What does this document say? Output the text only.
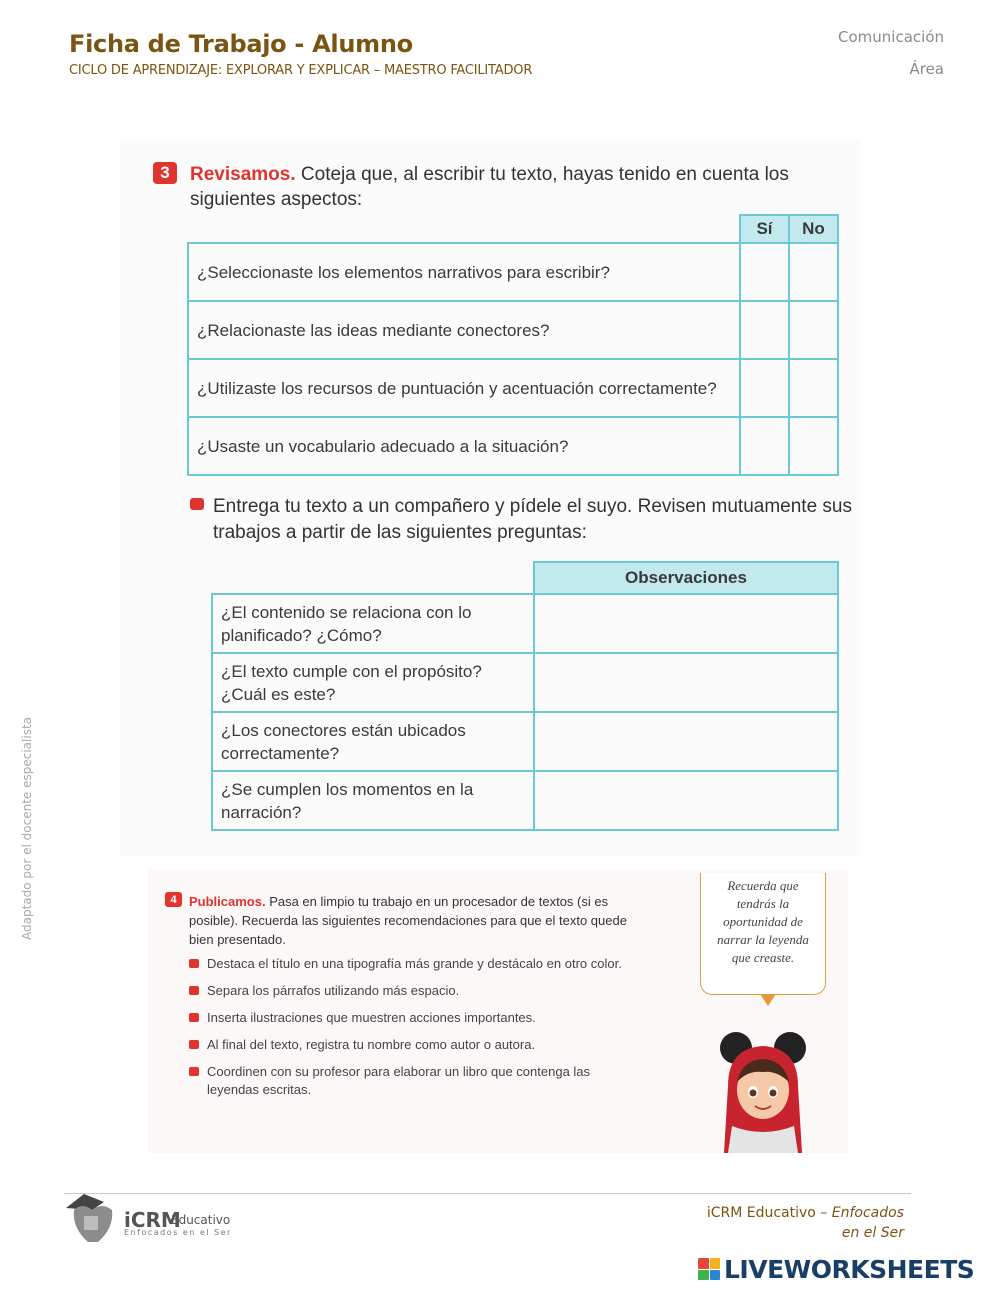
Ficha de Trabajo - Alumno
CICLO DE APRENDIZAJE: EXPLORAR Y EXPLICAR – MAESTRO FACILITADOR
Comunicación
Área
Adaptado por el docente especialista
3	Revisamos. Coteja que, al escribir tu texto, hayas tenido en cuenta los siguientes aspectos:
	Sí	No
¿Seleccionaste los elementos narrativos para escribir?		
¿Relacionaste las ideas mediante conectores?		
¿Utilizaste los recursos de puntuación y acentuación correctamente?		
¿Usaste un vocabulario adecuado a la situación?		
Entrega tu texto a un compañero y pídele el suyo. Revisen mutuamente sus trabajos a partir de las siguientes preguntas:
	Observaciones
¿El contenido se relaciona con lo planificado? ¿Cómo?	
¿El texto cumple con el propósito? ¿Cuál es este?	
¿Los conectores están ubicados correctamente?	
¿Se cumplen los momentos en la narración?	
4 Publicamos. Pasa en limpio tu trabajo en un procesador de textos (si es posible). Recuerda las siguientes recomendaciones para que el texto quede bien presentado.
Destaca el título en una tipografía más grande y destácalo en otro color.
Separa los párrafos utilizando más espacio.
Inserta ilustraciones que muestren acciones importantes.
Al final del texto, registra tu nombre como autor o autora.
Coordinen con su profesor para elaborar un libro que contenga las leyendas escritas.
Recuerda que tendrás la oportunidad de narrar la leyenda que creaste.
iCRM
Educativo
Enfocados en el Ser
iCRM Educativo – Enfocados
en el Ser
LIVEWORKSHEETS
